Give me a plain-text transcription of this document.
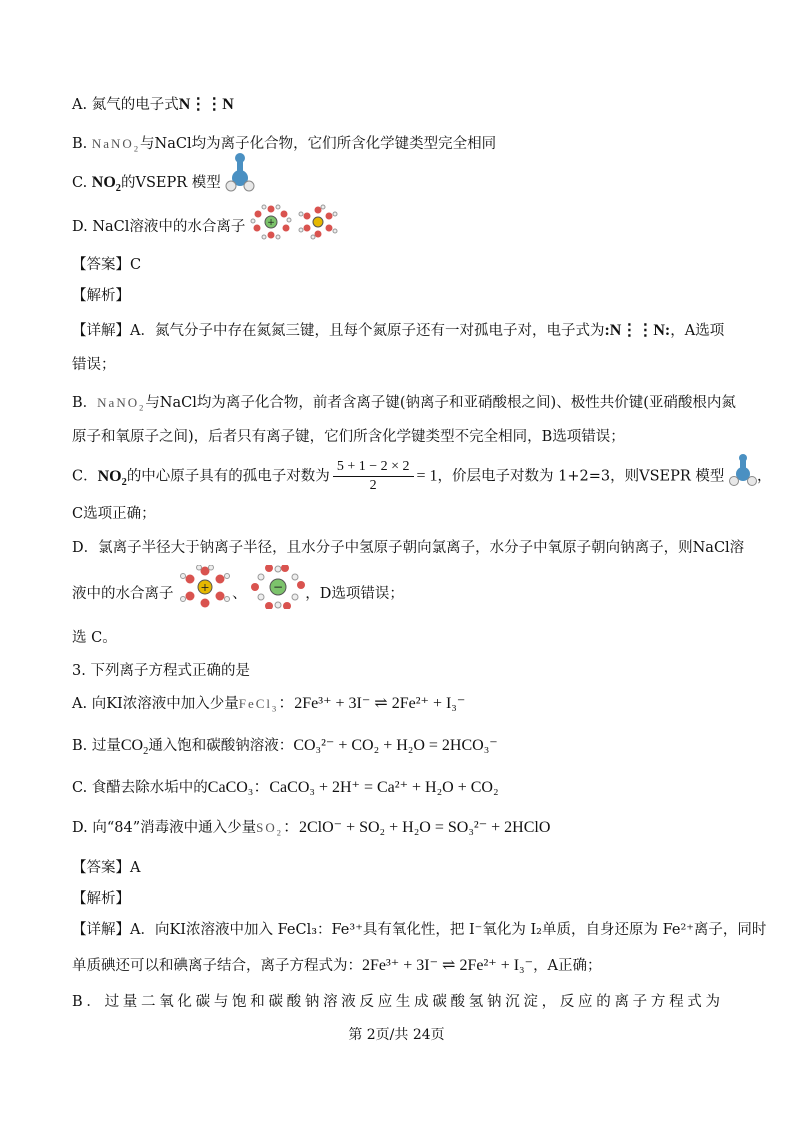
A. 氮气的电子式N⋮⋮N
B. NaNO$_2$与NaCl均为离子化合物，它们所含化学键类型完全相同
C. $NO_2$的VSEPR 模型
D. NaCl溶液中的水合离子 +

【答案】C
【解析】
【详解】A．氮气分子中存在氮氮三键，且每个氮原子还有一对孤电子对，电子式为:N⋮⋮N:，A选项
错误；
B．NaNO$_2$与NaCl均为离子化合物，前者含离子键(钠离子和亚硝酸根之间)、极性共价键(亚硝酸根内氮
原子和氧原子之间)，后者只有离子键，它们所含化学键类型不完全相同，B选项错误；
C．$NO_2$的中心原子具有的孤电子对数为 $\frac{5 + 1 - 2 \times 2}{2} = 1$，价层电子对数为 1+2=3，则VSEPR 模型 ，
C选项正确；
D．氯离子半径大于钠离子半径，且水分子中氢原子朝向氯离子，水分子中氧原子朝向钠离子，则NaCl溶
液中的水合离子 + 、 − ，D选项错误；
选 C。
3. 下列离子方程式正确的是
A. 向KI浓溶液中加入少量FeCl$_3$：2Fe³⁺ + 3I⁻ ⇌ 2Fe²⁺ + I₃⁻
B. 过量$CO_2$通入饱和碳酸钠溶液：CO₃²⁻ + CO₂ + H₂O = 2HCO₃⁻
C. 食醋去除水垢中的CaCO₃：CaCO₃ + 2H⁺ = Ca²⁺ + H₂O + CO₂
D. 向“84”消毒液中通入少量$SO_2$：2ClO⁻ + SO₂ + H₂O = SO₃²⁻ + 2HClO
【答案】A
【解析】
【详解】A．向KI浓溶液中加入 FeCl₃：Fe³⁺具有氧化性，把 I⁻氧化为 I₂单质，自身还原为 Fe²⁺离子，同时
单质碘还可以和碘离子结合，离子方程式为：2Fe³⁺ + 3I⁻ ⇌ 2Fe²⁺ + I₃⁻，A正确；
B．过量二氧化碳与饱和碳酸钠溶液反应生成碳酸氢钠沉淀，反应的离子方程式为
第 2页/共 24页
